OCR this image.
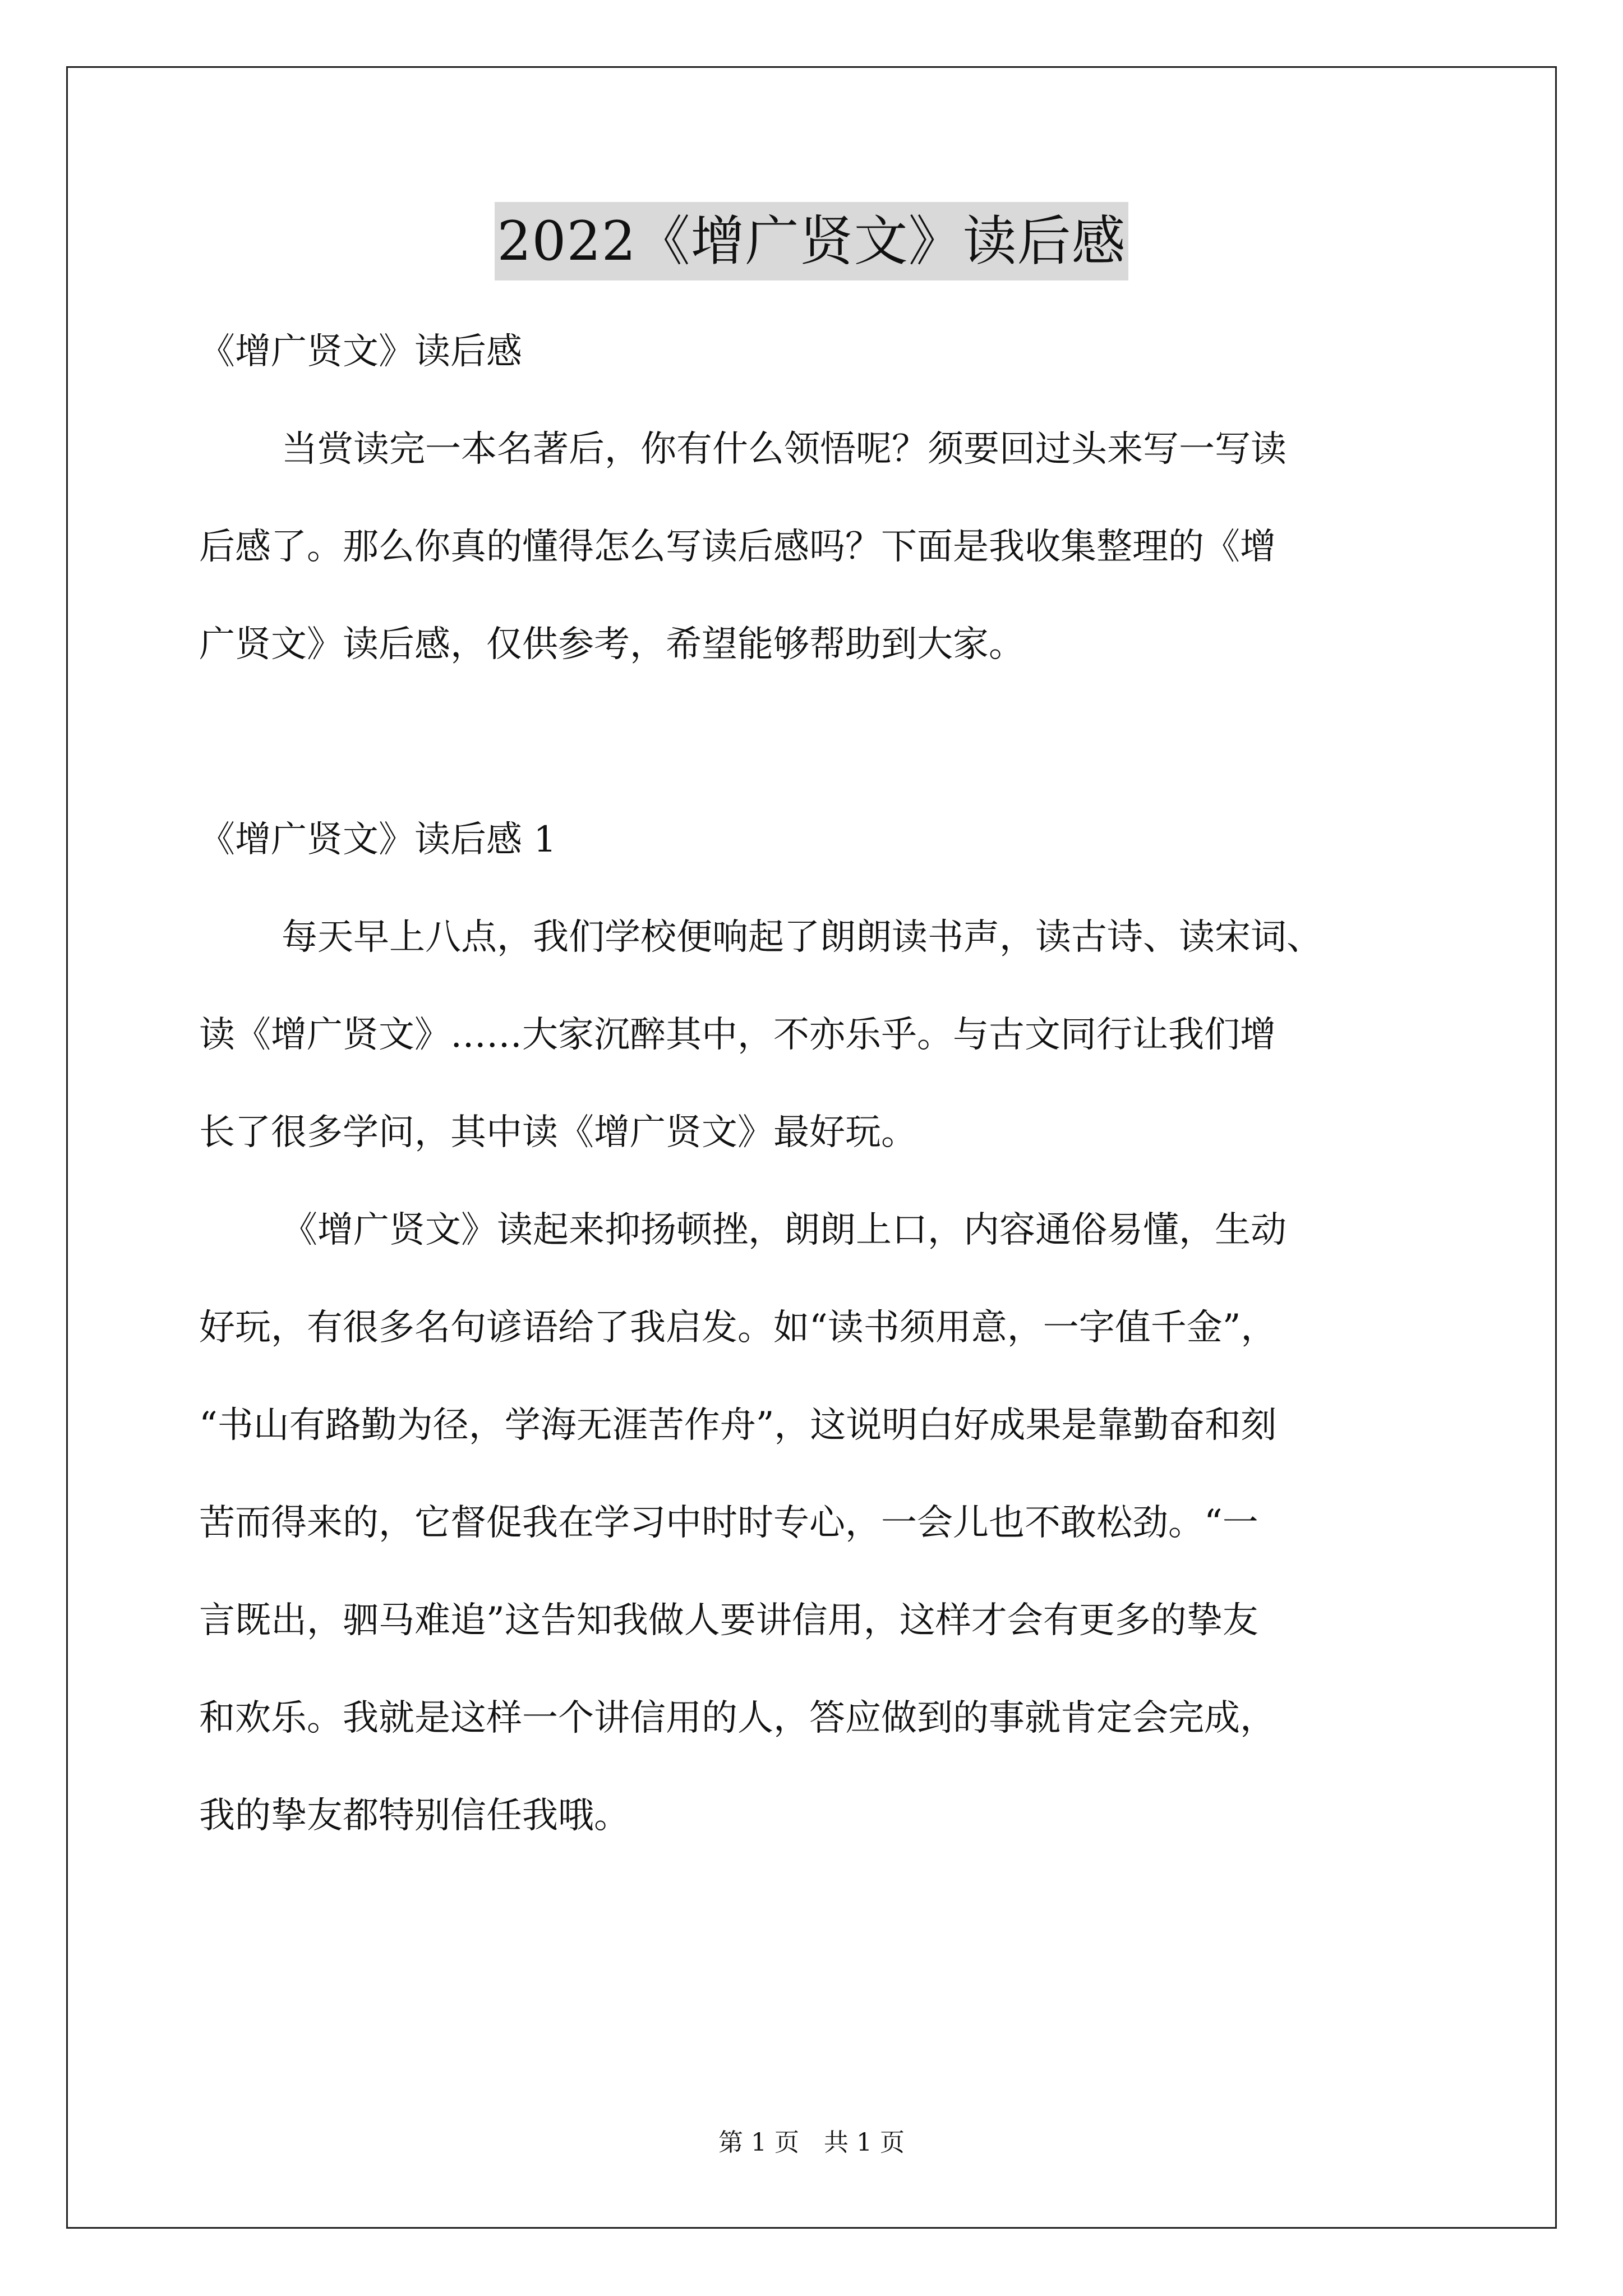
2022《增广贤文》读后感
《增广贤文》读后感
当赏读完一本名著后，你有什么领悟呢？须要回过头来写一写读
后感了。那么你真的懂得怎么写读后感吗？下面是我收集整理的《增
广贤文》读后感，仅供参考，希望能够帮助到大家。
《增广贤文》读后感 1
每天早上八点，我们学校便响起了朗朗读书声，读古诗、读宋词、
读《增广贤文》……大家沉醉其中，不亦乐乎。与古文同行让我们增
长了很多学问，其中读《增广贤文》最好玩。
《增广贤文》读起来抑扬顿挫，朗朗上口，内容通俗易懂，生动
好玩，有很多名句谚语给了我启发。如“读书须用意，一字值千金”，
“书山有路勤为径，学海无涯苦作舟”，这说明白好成果是靠勤奋和刻
苦而得来的，它督促我在学习中时时专心，一会儿也不敢松劲。“一
言既出，驷马难追”这告知我做人要讲信用，这样才会有更多的挚友
和欢乐。我就是这样一个讲信用的人，答应做到的事就肯定会完成，
我的挚友都特别信任我哦。
第 1 页 共 1 页
